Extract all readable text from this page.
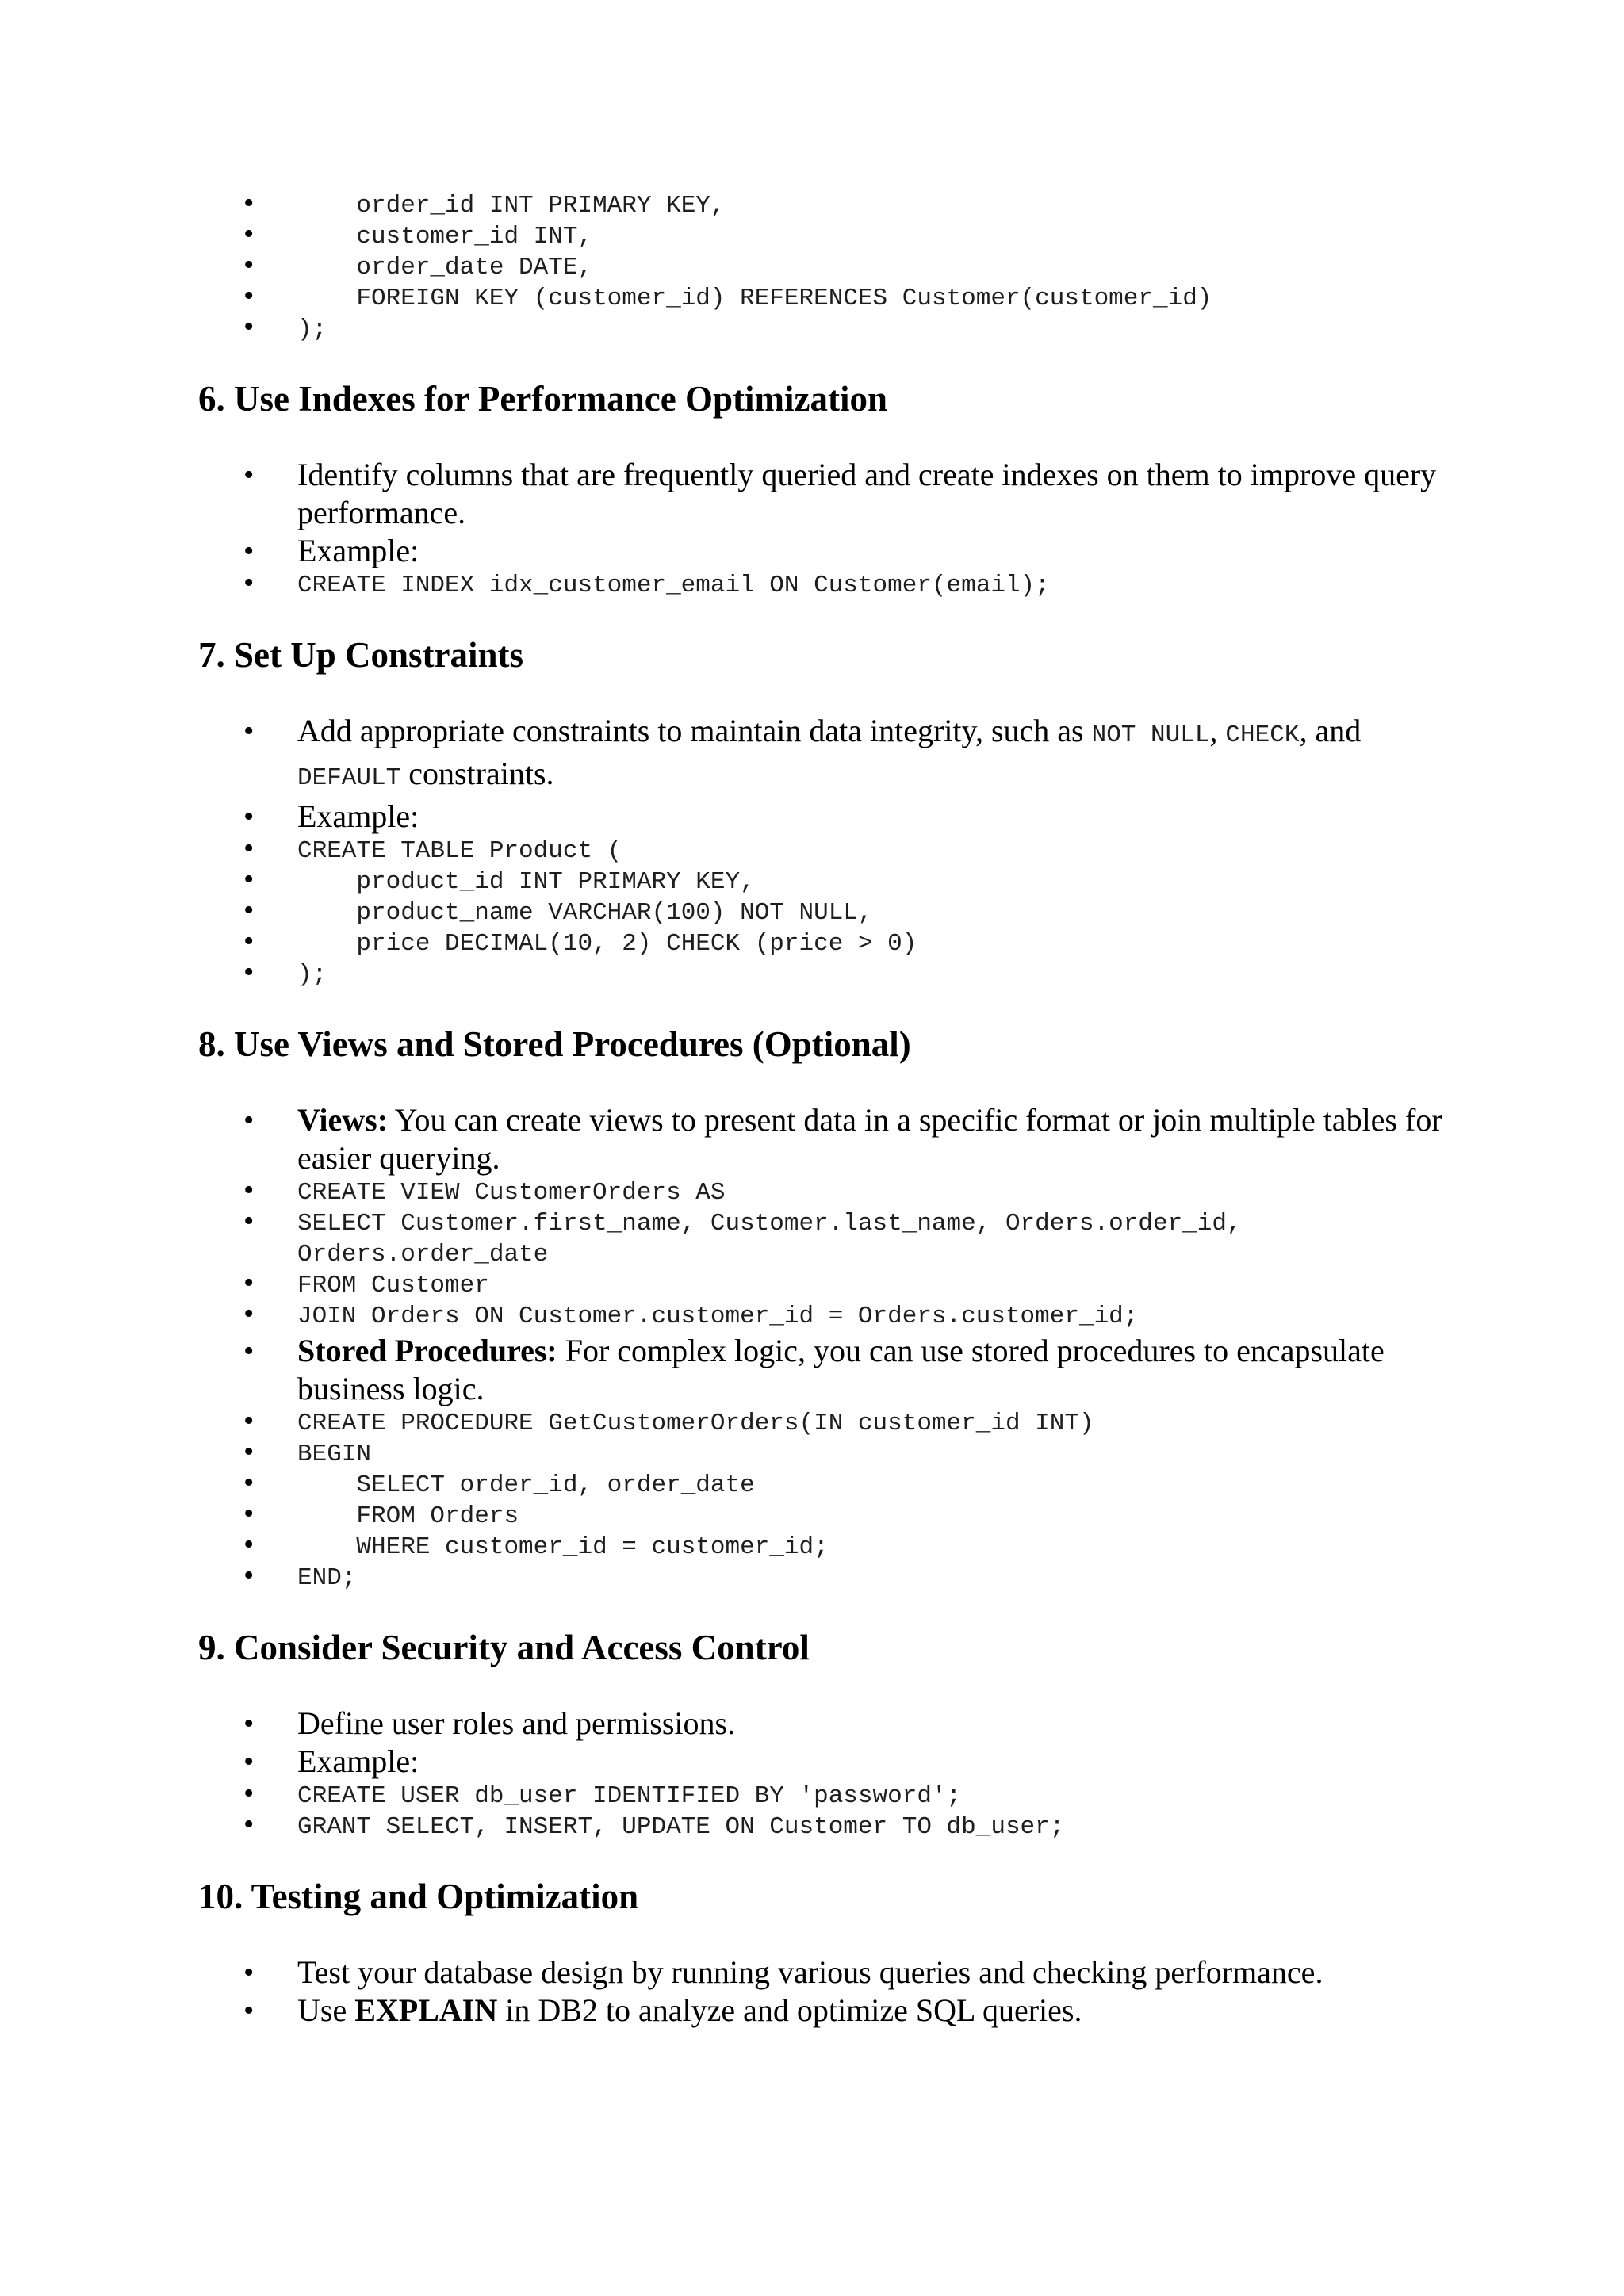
•     order_id INT PRIMARY KEY,
•     customer_id INT,
•     order_date DATE,
•     FOREIGN KEY (customer_id) REFERENCES Customer(customer_id)
• );
6. Use Indexes for Performance Optimization
• Identify columns that are frequently queried and create indexes on them to improve query performance.
• Example:
• CREATE INDEX idx_customer_email ON Customer(email);
7. Set Up Constraints
• Add appropriate constraints to maintain data integrity, such as NOT NULL, CHECK, and
DEFAULT constraints.
• Example:
• CREATE TABLE Product (
•     product_id INT PRIMARY KEY,
•     product_name VARCHAR(100) NOT NULL,
•     price DECIMAL(10, 2) CHECK (price > 0)
• );
8. Use Views and Stored Procedures (Optional)
• Views: You can create views to present data in a specific format or join multiple tables for easier querying.
• CREATE VIEW CustomerOrders AS
• SELECT Customer.first_name, Customer.last_name, Orders.order_id, Orders.order_date
• FROM Customer
• JOIN Orders ON Customer.customer_id = Orders.customer_id;
• Stored Procedures: For complex logic, you can use stored procedures to encapsulate business logic.
• CREATE PROCEDURE GetCustomerOrders(IN customer_id INT)
• BEGIN
•     SELECT order_id, order_date
•     FROM Orders
•     WHERE customer_id = customer_id;
• END;
9. Consider Security and Access Control
• Define user roles and permissions.
• Example:
• CREATE USER db_user IDENTIFIED BY 'password';
• GRANT SELECT, INSERT, UPDATE ON Customer TO db_user;
10. Testing and Optimization
• Test your database design by running various queries and checking performance.
• Use EXPLAIN in DB2 to analyze and optimize SQL queries.
